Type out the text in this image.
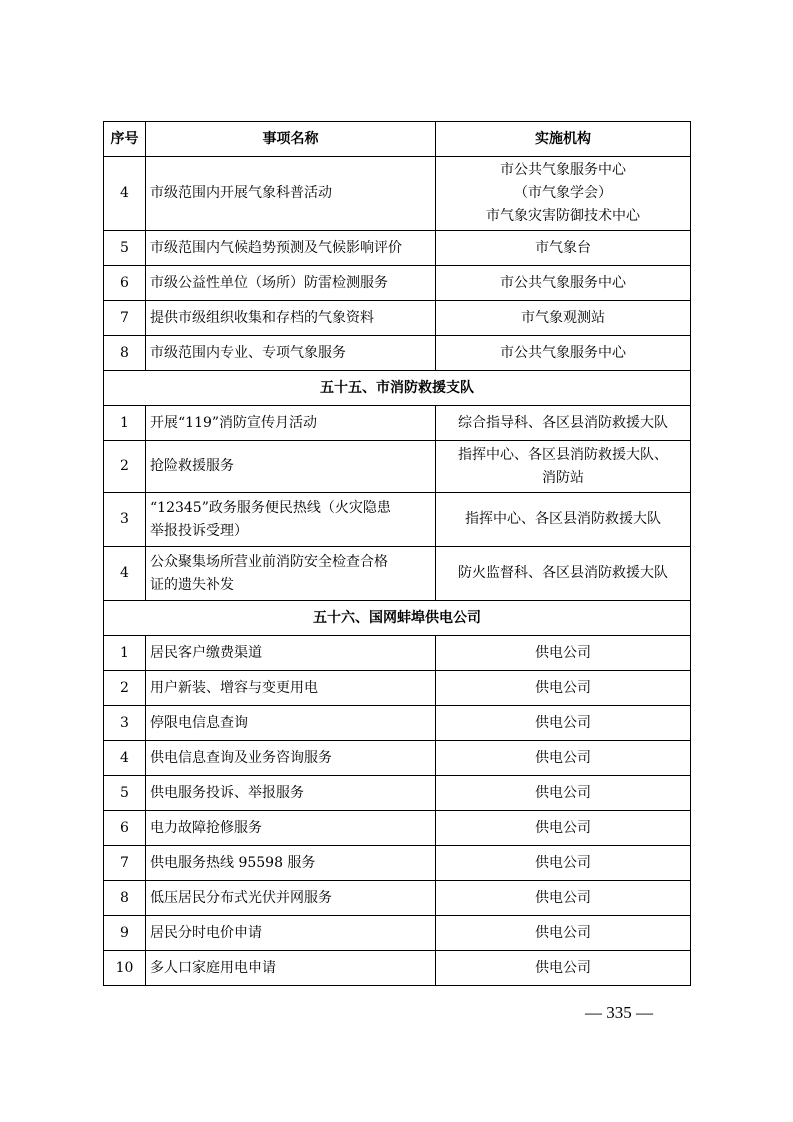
序号	事项名称	实施机构
4	市级范围内开展气象科普活动	市公共气象服务中心
（市气象学会）
市气象灾害防御技术中心
5	市级范围内气候趋势预测及气候影响评价	市气象台
6	市级公益性单位（场所）防雷检测服务	市公共气象服务中心
7	提供市级组织收集和存档的气象资料	市气象观测站
8	市级范围内专业、专项气象服务	市公共气象服务中心
五十五、市消防救援支队		
1	开展“119”消防宣传月活动	综合指导科、各区县消防救援大队
2	抢险救援服务	指挥中心、各区县消防救援大队、
消防站
3	“12345”政务服务便民热线（火灾隐患
举报投诉受理）	指挥中心、各区县消防救援大队
4	公众聚集场所营业前消防安全检查合格
证的遗失补发	防火监督科、各区县消防救援大队
五十六、国网蚌埠供电公司		
1	居民客户缴费渠道	供电公司
2	用户新装、增容与变更用电	供电公司
3	停限电信息查询	供电公司
4	供电信息查询及业务咨询服务	供电公司
5	供电服务投诉、举报服务	供电公司
6	电力故障抢修服务	供电公司
7	供电服务热线 95598 服务	供电公司
8	低压居民分布式光伏并网服务	供电公司
9	居民分时电价申请	供电公司
10	多人口家庭用电申请	供电公司
— 335 —
